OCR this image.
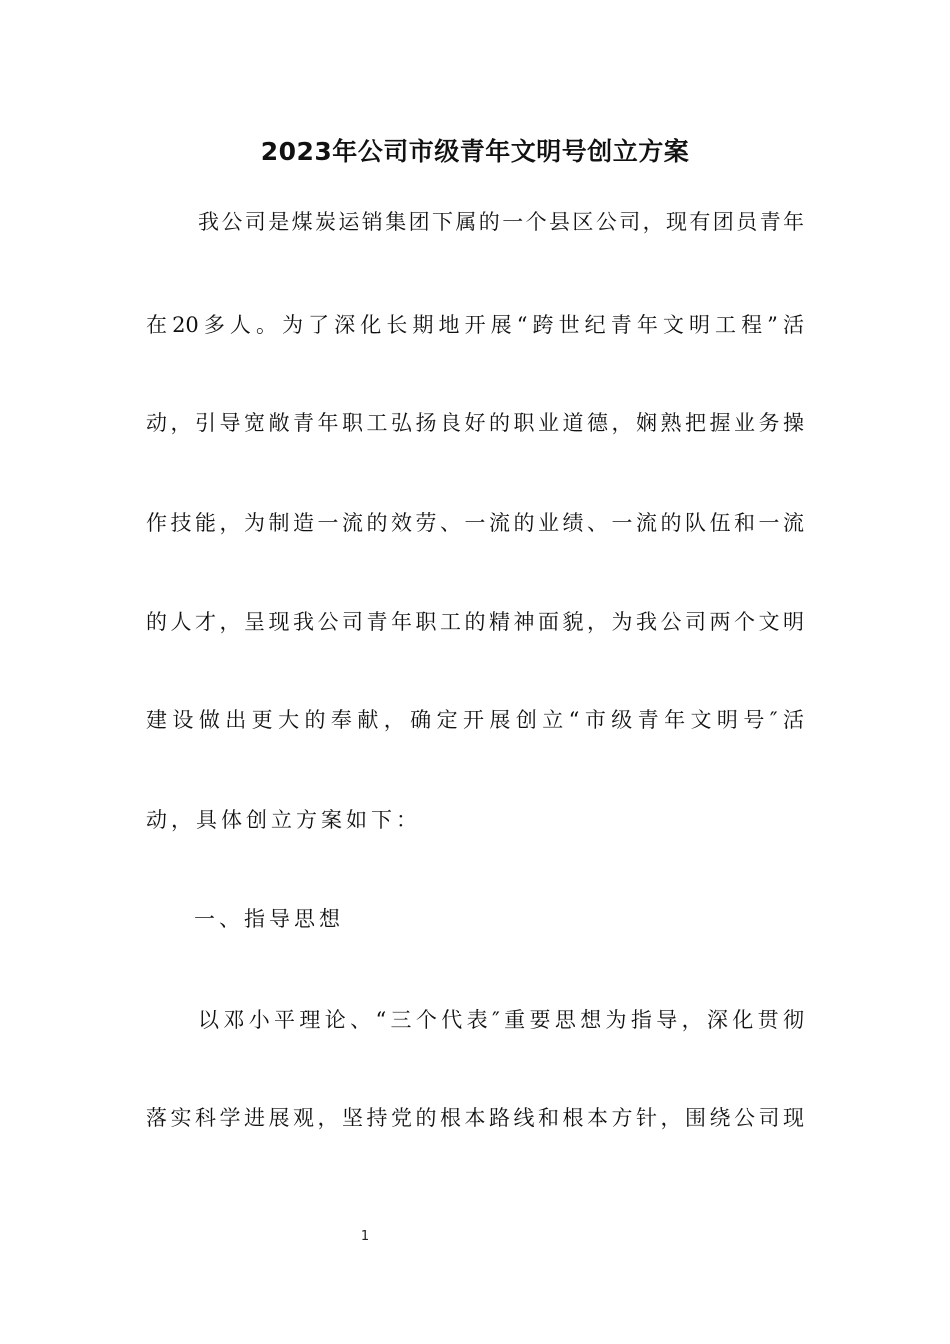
2023年公司市级青年文明号创立方案
我公司是煤炭运销集团下属的一个县区公司，现有团员青年
在20多人。为了深化长期地开展“跨世纪青年文明工程”活
动，引导宽敞青年职工弘扬良好的职业道德，娴熟把握业务操
作技能，为制造一流的效劳、一流的业绩、一流的队伍和一流
的人才，呈现我公司青年职工的精神面貌，为我公司两个文明
建设做出更大的奉献，确定开展创立“市级青年文明号″活
动，具体创立方案如下：
一、指导思想
以邓小平理论、“三个代表″重要思想为指导，深化贯彻
落实科学进展观，坚持党的根本路线和根本方针，围绕公司现
1
